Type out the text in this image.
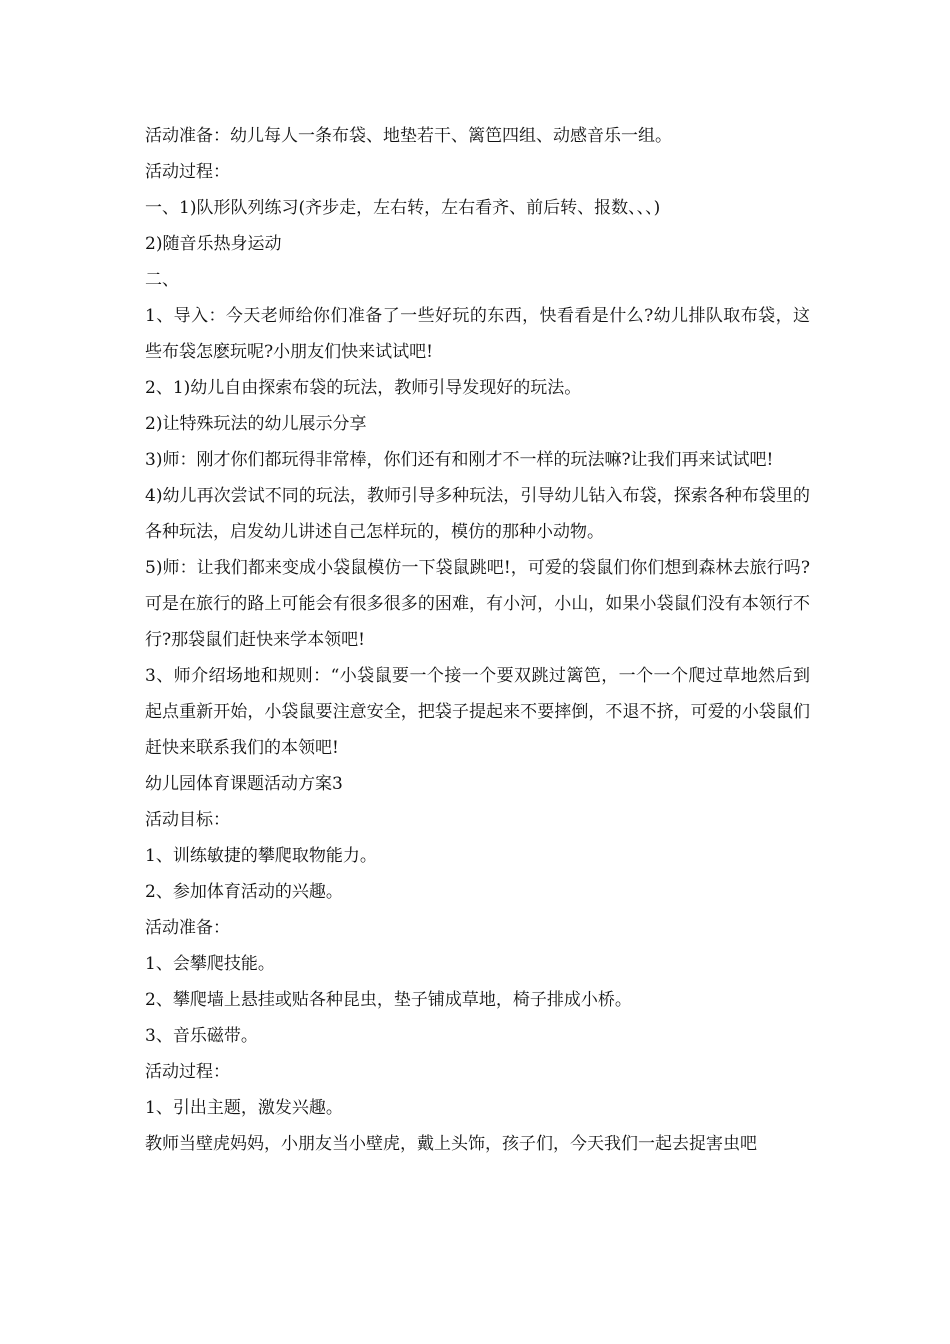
活动准备：幼儿每人一条布袋、地垫若干、篱笆四组、动感音乐一组。

活动过程：

一、1)队形队列练习(齐步走，左右转，左右看齐、前后转、报数、、、)

2)随音乐热身运动

二、

1、导入：今天老师给你们准备了一些好玩的东西，快看看是什么?幼儿排队取布袋，这些布袋怎麽玩呢?小朋友们快来试试吧!

2、1)幼儿自由探索布袋的玩法，教师引导发现好的玩法。

2)让特殊玩法的幼儿展示分享

3)师：刚才你们都玩得非常棒，你们还有和刚才不一样的玩法嘛?让我们再来试试吧!

4)幼儿再次尝试不同的玩法，教师引导多种玩法，引导幼儿钻入布袋，探索各种布袋里的各种玩法，启发幼儿讲述自己怎样玩的，模仿的那种小动物。

5)师：让我们都来变成小袋鼠模仿一下袋鼠跳吧!，可爱的袋鼠们你们想到森林去旅行吗?可是在旅行的路上可能会有很多很多的困难，有小河，小山，如果小袋鼠们没有本领行不行?那袋鼠们赶快来学本领吧!

3、师介绍场地和规则：“小袋鼠要一个接一个要双跳过篱笆，一个一个爬过草地然后到起点重新开始，小袋鼠要注意安全，把袋子提起来不要摔倒，不退不挤，可爱的小袋鼠们赶快来联系我们的本领吧!

幼儿园体育课题活动方案3

活动目标：

1、训练敏捷的攀爬取物能力。

2、参加体育活动的兴趣。

活动准备：

1、会攀爬技能。

2、攀爬墙上悬挂或贴各种昆虫，垫子铺成草地，椅子排成小桥。

3、音乐磁带。

活动过程：

1、引出主题，激发兴趣。

教师当壁虎妈妈，小朋友当小壁虎，戴上头饰，孩子们，今天我们一起去捉害虫吧
